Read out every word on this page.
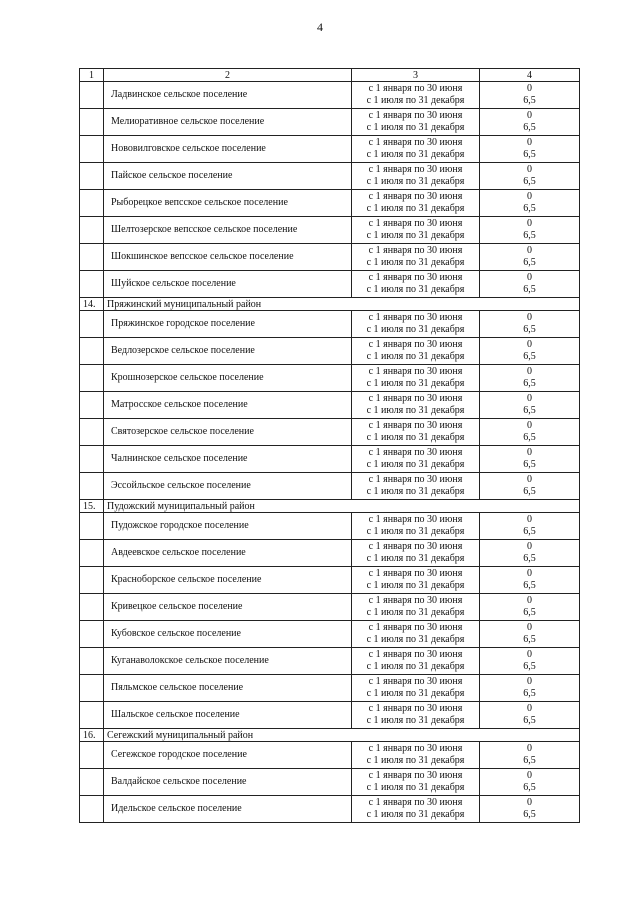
4
1	2	3	4
	Ладвинское сельское поселение	с 1 января по 30 июня
с 1 июля по 31 декабря	0
6,5

	Мелиоративное сельское поселение	с 1 января по 30 июня
с 1 июля по 31 декабря	0
6,5

	Нововилговское сельское поселение	с 1 января по 30 июня
с 1 июля по 31 декабря	0
6,5

	Пайское сельское поселение	с 1 января по 30 июня
с 1 июля по 31 декабря	0
6,5

	Рыборецкое вепсское сельское поселение	с 1 января по 30 июня
с 1 июля по 31 декабря	0
6,5

	Шелтозерское вепсское сельское поселение	с 1 января по 30 июня
с 1 июля по 31 декабря	0
6,5

	Шокшинское вепсское сельское поселение	с 1 января по 30 июня
с 1 июля по 31 декабря	0
6,5

	Шуйское сельское поселение	с 1 января по 30 июня
с 1 июля по 31 декабря	0
6,5

14.	Пряжинский муниципальный район		
	Пряжинское городское поселение	с 1 января по 30 июня
с 1 июля по 31 декабря	0
6,5

	Ведлозерское сельское поселение	с 1 января по 30 июня
с 1 июля по 31 декабря	0
6,5

	Крошнозерское сельское поселение	с 1 января по 30 июня
с 1 июля по 31 декабря	0
6,5

	Матросское сельское поселение	с 1 января по 30 июня
с 1 июля по 31 декабря	0
6,5

	Святозерское сельское поселение	с 1 января по 30 июня
с 1 июля по 31 декабря	0
6,5

	Чалнинское сельское поселение	с 1 января по 30 июня
с 1 июля по 31 декабря	0
6,5

	Эссойльское сельское поселение	с 1 января по 30 июня
с 1 июля по 31 декабря	0
6,5

15.	Пудожский муниципальный район		
	Пудожское городское поселение	с 1 января по 30 июня
с 1 июля по 31 декабря	0
6,5

	Авдеевское сельское поселение	с 1 января по 30 июня
с 1 июля по 31 декабря	0
6,5

	Красноборское сельское поселение	с 1 января по 30 июня
с 1 июля по 31 декабря	0
6,5

	Кривецкое сельское поселение	с 1 января по 30 июня
с 1 июля по 31 декабря	0
6,5

	Кубовское сельское поселение	с 1 января по 30 июня
с 1 июля по 31 декабря	0
6,5

	Куганаволокское сельское поселение	с 1 января по 30 июня
с 1 июля по 31 декабря	0
6,5

	Пяльмское сельское поселение	с 1 января по 30 июня
с 1 июля по 31 декабря	0
6,5

	Шальское сельское поселение	с 1 января по 30 июня
с 1 июля по 31 декабря	0
6,5

16.	Сегежский муниципальный район		
	Сегежское городское поселение	с 1 января по 30 июня
с 1 июля по 31 декабря	0
6,5

	Валдайское сельское поселение	с 1 января по 30 июня
с 1 июля по 31 декабря	0
6,5

	Идельское сельское поселение	с 1 января по 30 июня
с 1 июля по 31 декабря	0
6,5
